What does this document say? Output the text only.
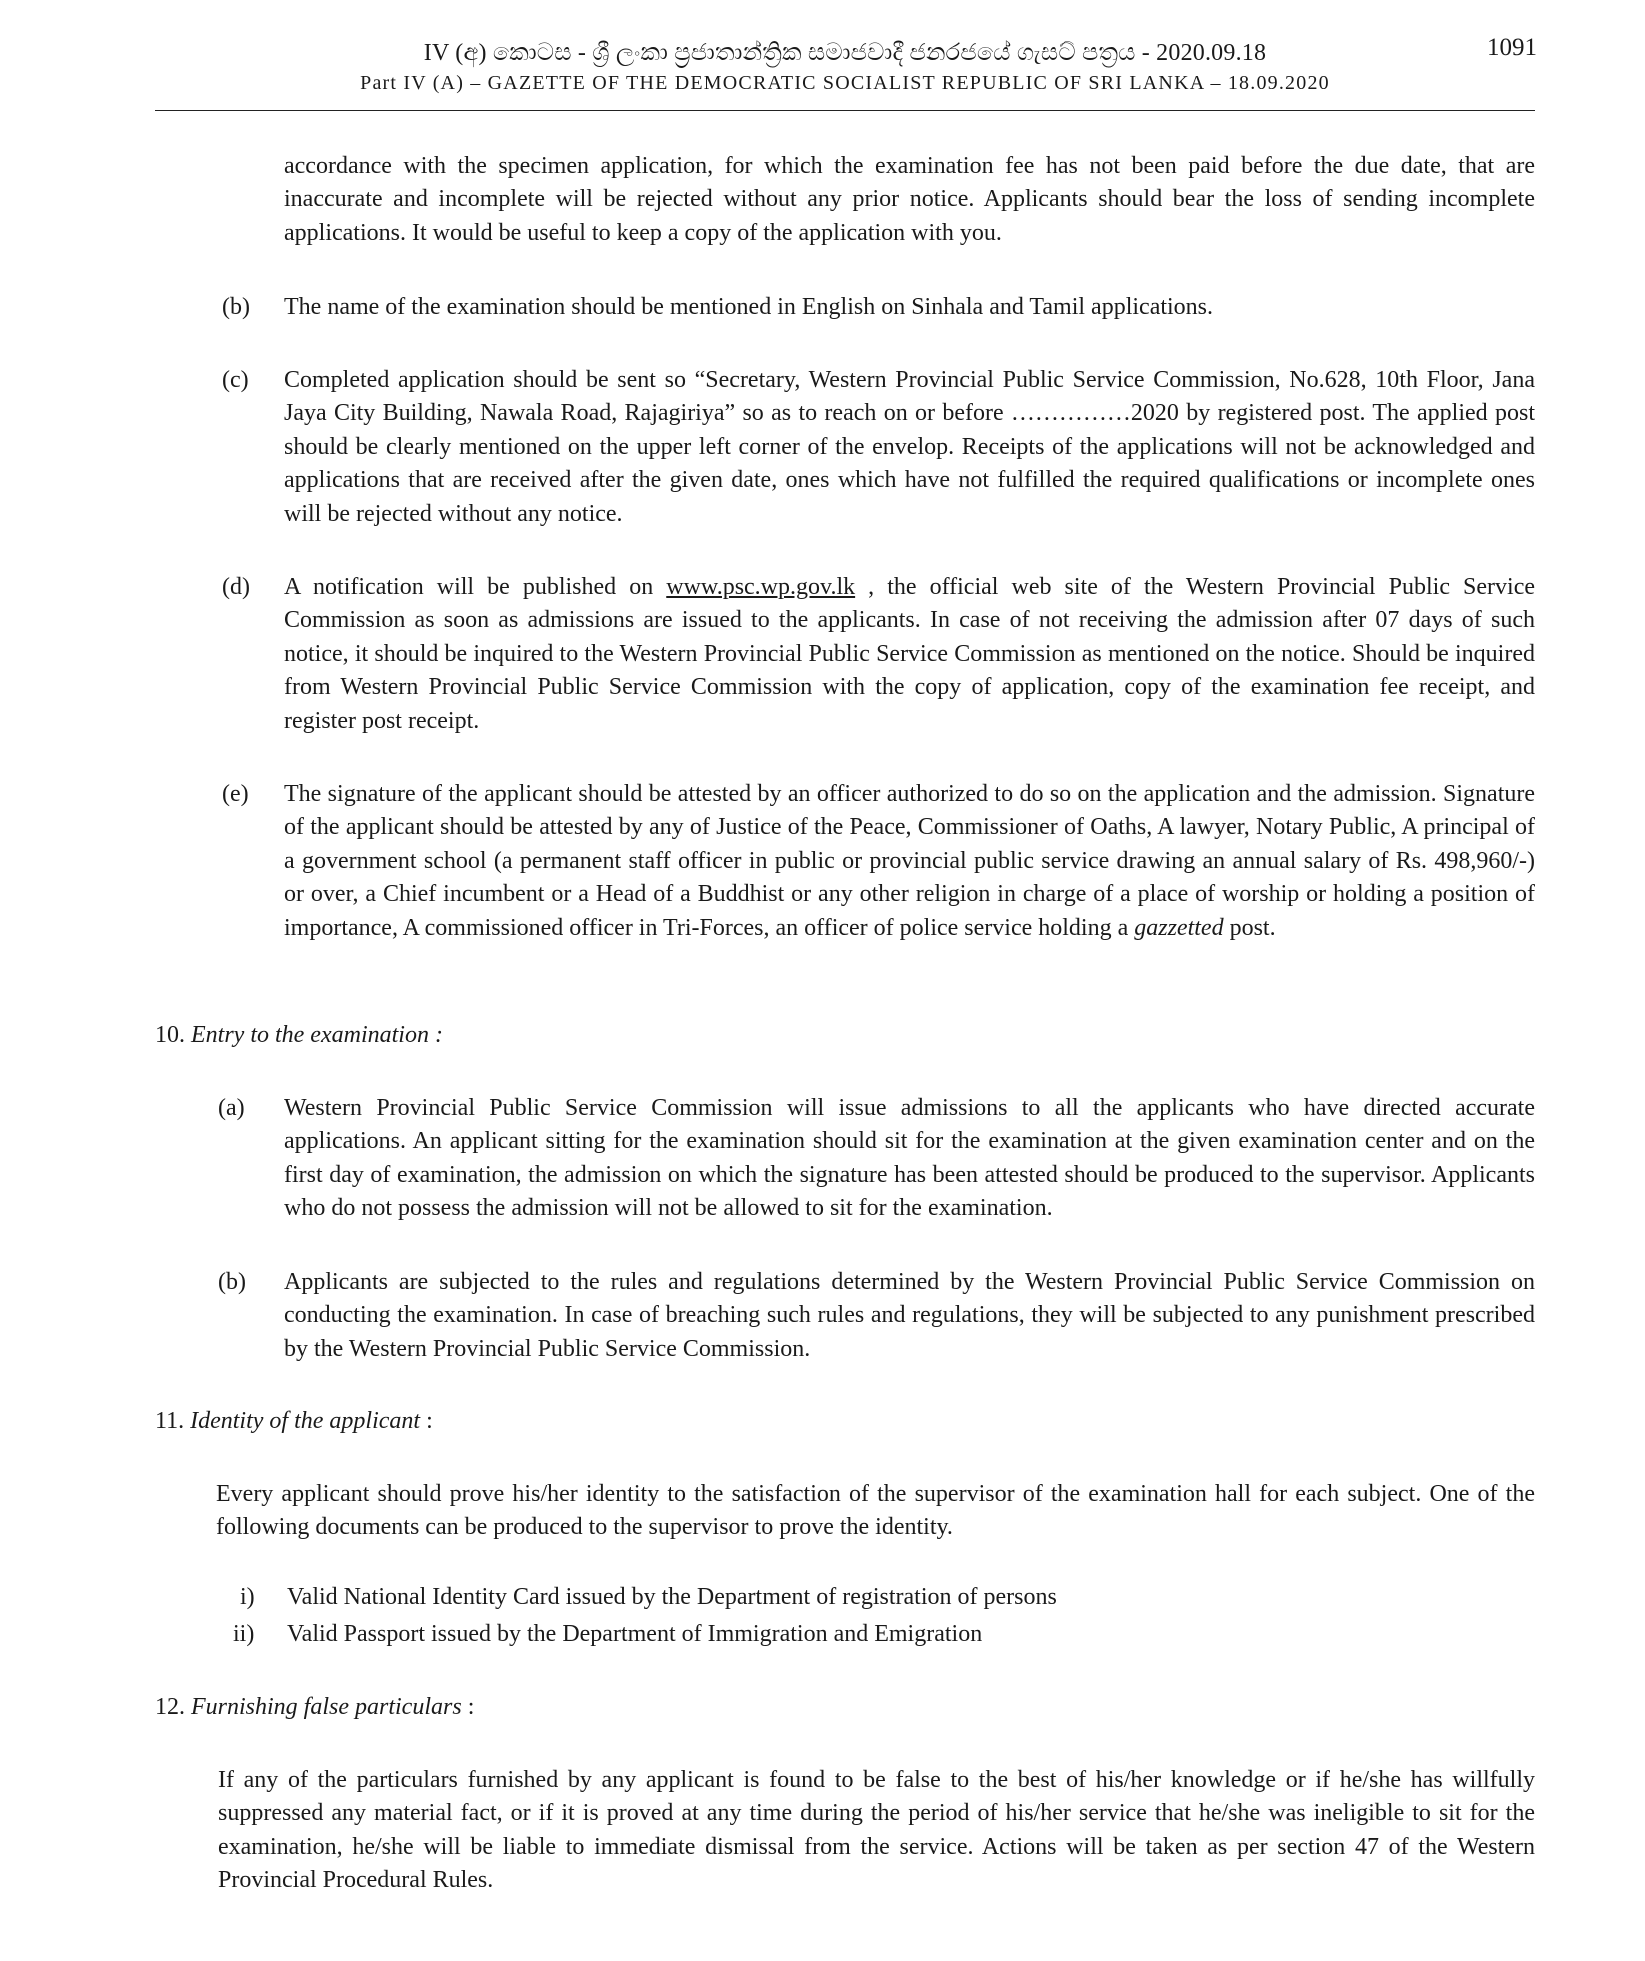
IV (අ) කොටස - ශ්‍රී ලංකා ප්‍රජාතාන්ත්‍රික සමාජවාදී ජනරජයේ ගැසට් පත්‍රය - 2020.09.18
Part IV (A) – GAZETTE OF THE DEMOCRATIC SOCIALIST REPUBLIC OF SRI LANKA – 18.09.2020
1091

accordance with the specimen application, for which the examination fee has not been paid before the due date, that are inaccurate and incomplete will be rejected without any prior notice. Applicants should bear the loss of sending incomplete applications. It would be useful to keep a copy of the application with you.

(b) The name of the examination should be mentioned in English on Sinhala and Tamil applications.

(c) Completed application should be sent so “Secretary, Western Provincial Public Service Commission, No.628, 10th Floor, Jana Jaya City Building, Nawala Road, Rajagiriya” so as to reach on or before ……………2020 by registered post. The applied post should be clearly mentioned on the upper left corner of the envelop. Receipts of the applications will not be acknowledged and applications that are received after the given date, ones which have not fulfilled the required qualifications or incomplete ones will be rejected without any notice.

(d) A notification will be published on www.psc.wp.gov.lk , the official web site of the Western Provincial Public Service Commission as soon as admissions are issued to the applicants. In case of not receiving the admission after 07 days of such notice, it should be inquired to the Western Provincial Public Service Commission as mentioned on the notice. Should be inquired from Western Provincial Public Service Commission with the copy of application, copy of the examination fee receipt, and register post receipt.

(e) The signature of the applicant should be attested by an officer authorized to do so on the application and the admission. Signature of the applicant should be attested by any of Justice of the Peace, Commissioner of Oaths, A lawyer, Notary Public, A principal of a government school (a permanent staff officer in public or provincial public service drawing an annual salary of Rs. 498,960/-) or over, a Chief incumbent or a Head of a Buddhist or any other religion in charge of a place of worship or holding a position of importance, A commissioned officer in Tri-Forces, an officer of police service holding a gazzetted post.

10. Entry to the examination :
(a) Western Provincial Public Service Commission will issue admissions to all the applicants who have directed accurate applications. An applicant sitting for the examination should sit for the examination at the given examination center and on the first day of examination, the admission on which the signature has been attested should be produced to the supervisor. Applicants who do not possess the admission will not be allowed to sit for the examination.

(b) Applicants are subjected to the rules and regulations determined by the Western Provincial Public Service Commission on conducting the examination. In case of breaching such rules and regulations, they will be subjected to any punishment prescribed by the Western Provincial Public Service Commission.

11. Identity of the applicant :

Every applicant should prove his/her identity to the satisfaction of the supervisor of the examination hall for each subject. One of the following documents can be produced to the supervisor to prove the identity.

i) Valid National Identity Card issued by the Department of registration of persons
ii) Valid Passport issued by the Department of Immigration and Emigration
12. Furnishing false particulars :

If any of the particulars furnished by any applicant is found to be false to the best of his/her knowledge or if he/she has willfully suppressed any material fact, or if it is proved at any time during the period of his/her service that he/she was ineligible to sit for the examination, he/she will be liable to immediate dismissal from the service. Actions will be taken as per section 47 of the Western Provincial Procedural Rules.
